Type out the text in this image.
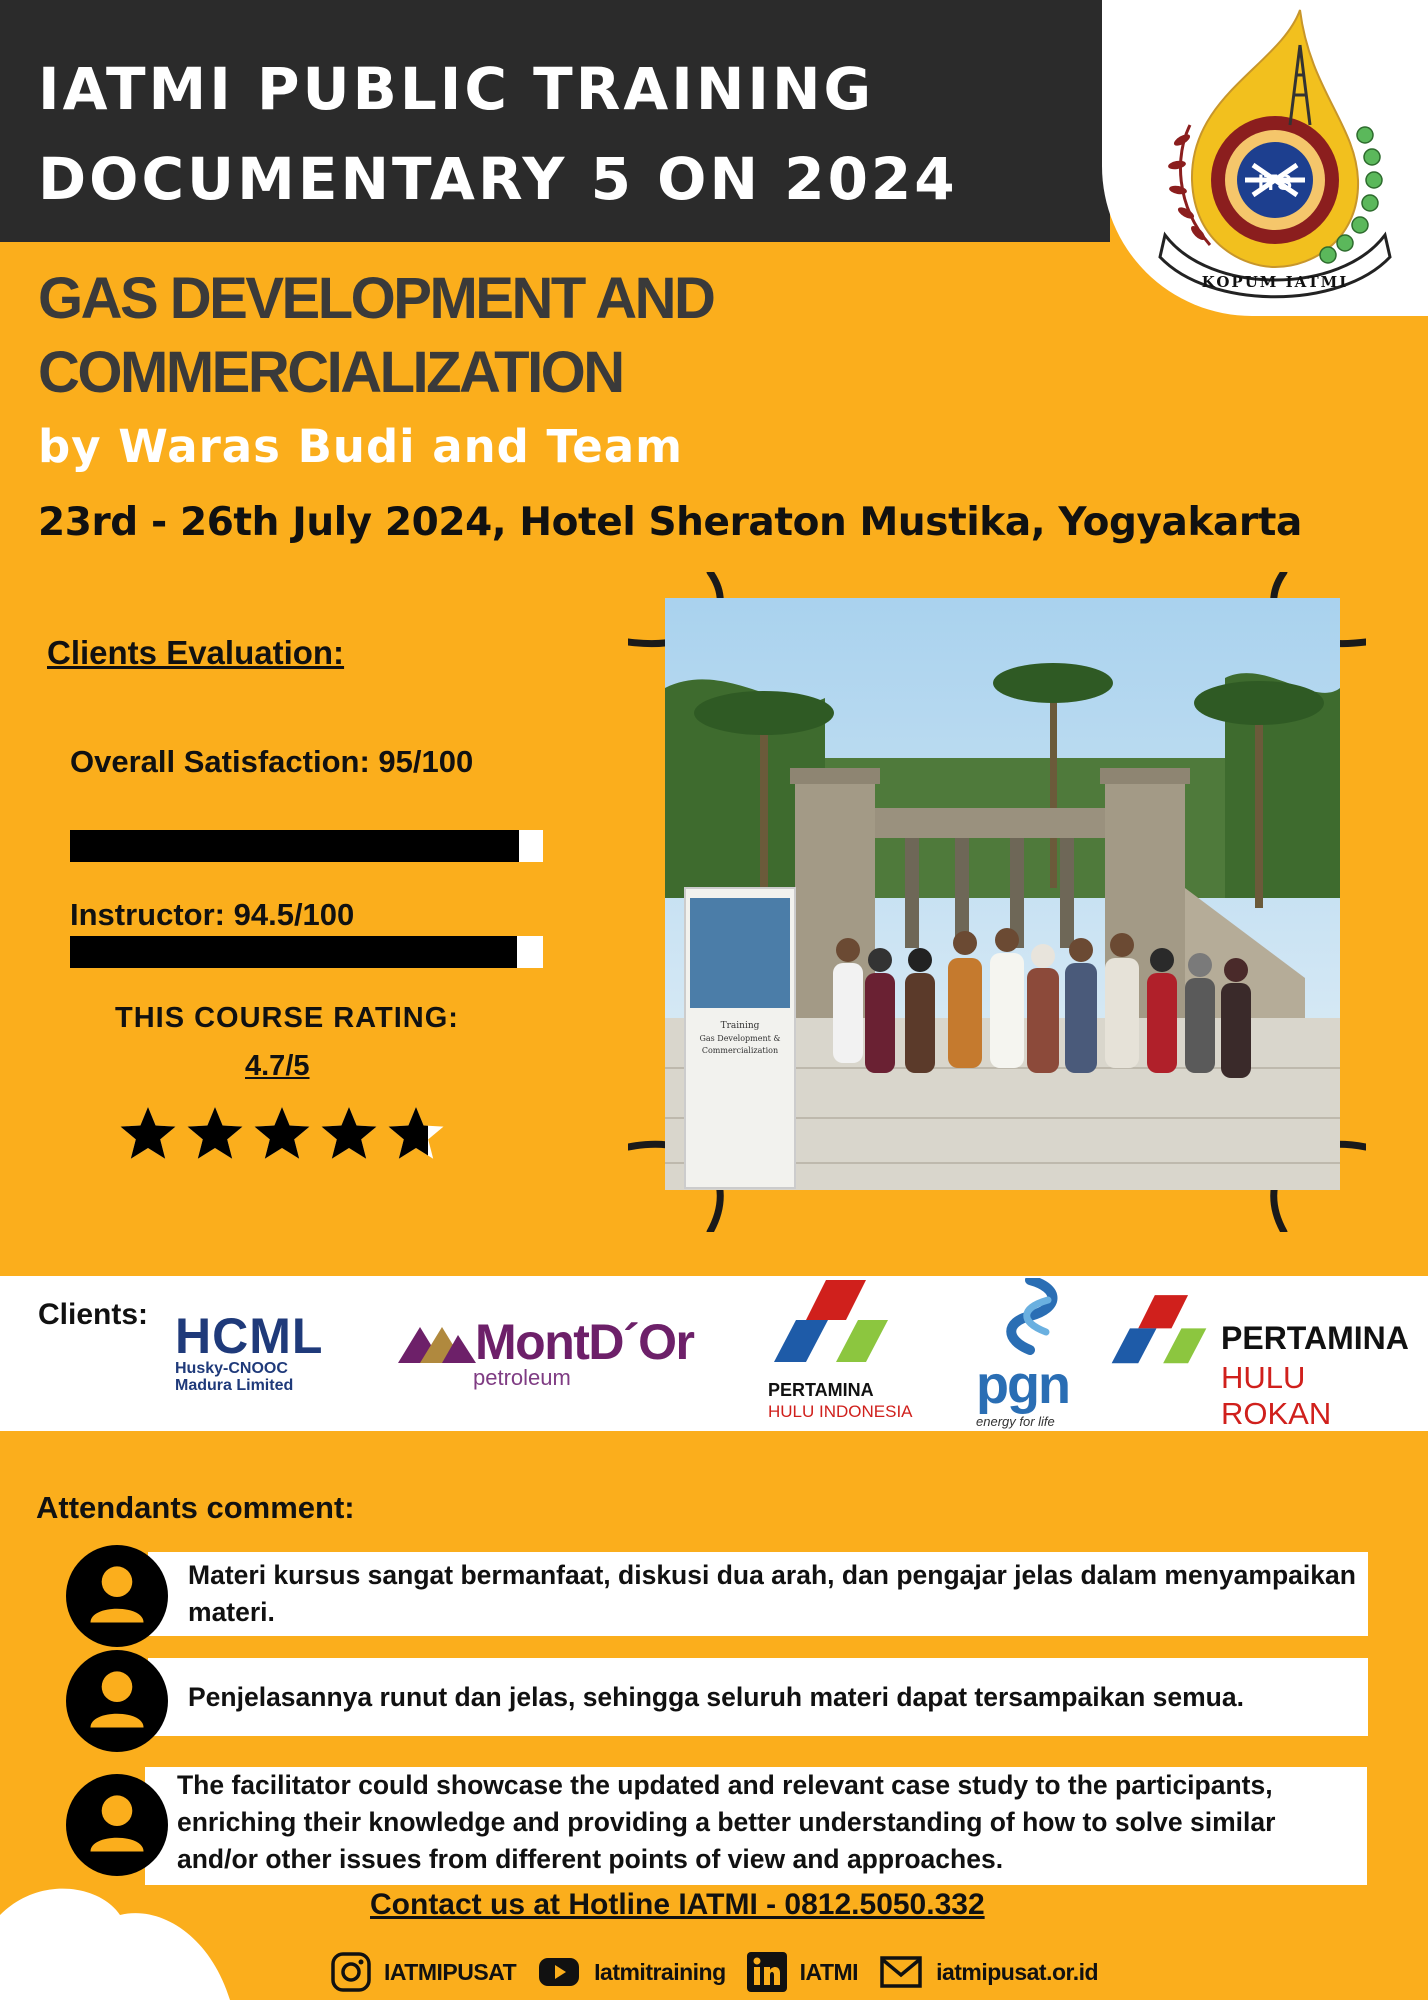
IATMI PUBLIC TRAINING
DOCUMENTARY 5 ON 2024	ITS
KOPUM IATMI
GAS DEVELOPMENT AND
COMMERCIALIZATION
by Waras Budi and Team
23rd - 26th July 2024, Hotel Sheraton Mustika, Yogyakarta
Clients Evaluation:
Overall Satisfaction: 95/100
Instructor: 94.5/100
THIS COURSE RATING:
4.7/5
Training
Gas Development &
Commercialization
Clients: HCML
Husky-CNOOC
Madura Limited
MontD´Or
petroleum	PERTAMINA
HULU INDONESIA pgn
energy for life
PERTAMINA
HULU ROKAN
Attendants comment:
Materi kursus sangat bermanfaat, diskusi dua arah, dan pengajar jelas dalam menyampaikan materi.
Penjelasannya runut dan jelas, sehingga seluruh materi dapat tersampaikan semua.
The facilitator could showcase the updated and relevant case study to the participants, enriching their knowledge and providing a better understanding of how to solve similar and/or other issues from different points of view and approaches.
Contact us at Hotline IATMI - 0812.5050.332
IATMIPUSAT	Iatmitraining	IATMI	iatmipusat.or.id
